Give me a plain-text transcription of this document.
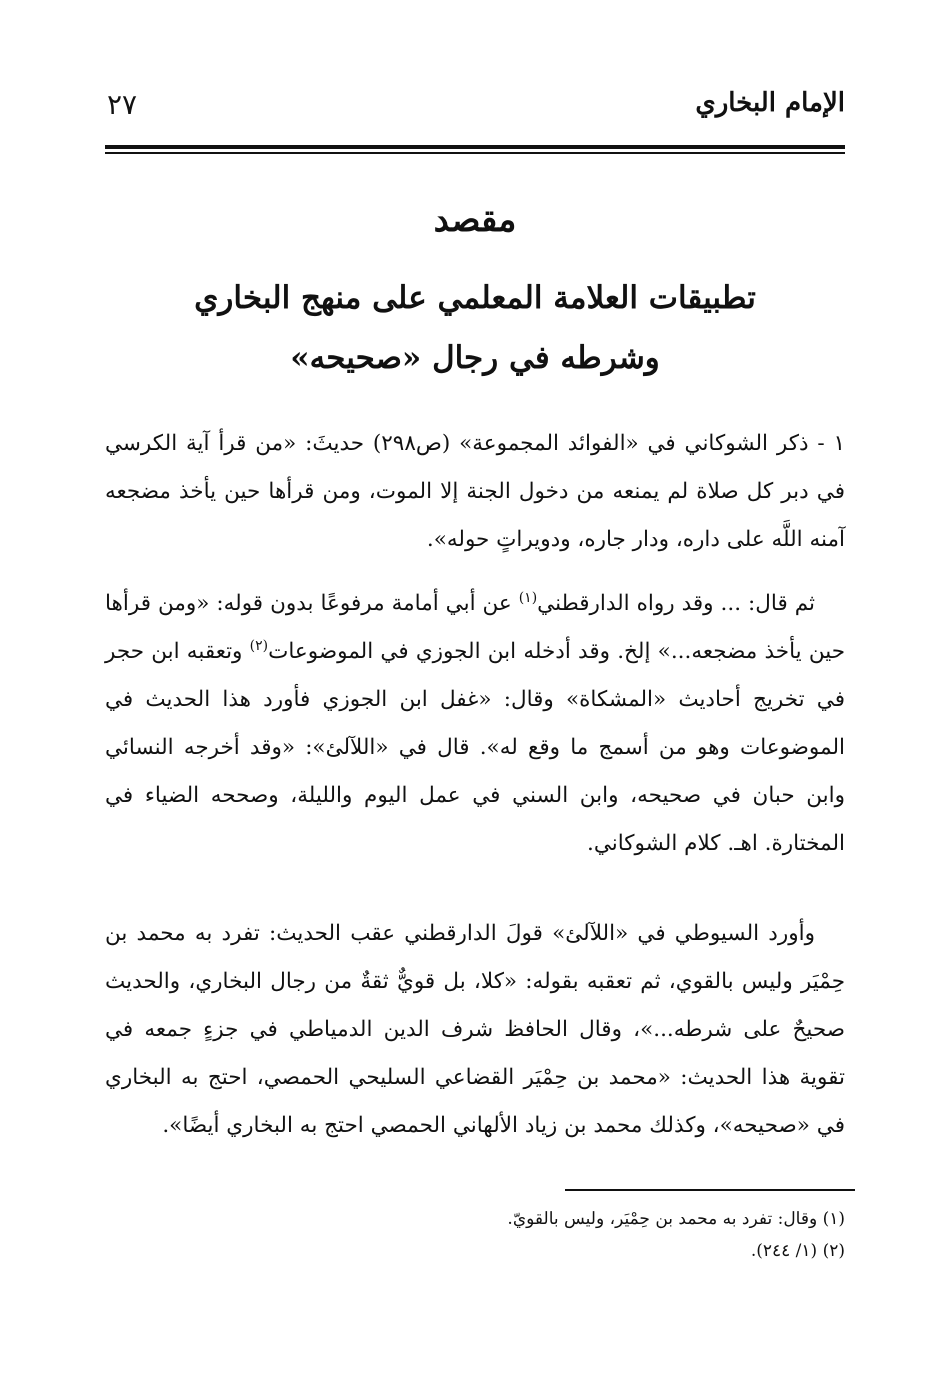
الإمام البخاري
٢٧
مقصد
تطبيقات العلامة المعلمي على منهج البخاري
وشرطه في رجال «صحيحه»
١ - ذكر الشوكاني في «الفوائد المجموعة» (ص٢٩٨) حديثَ: «من قرأ آية الكرسي في دبر كل صلاة لم يمنعه من دخول الجنة إلا الموت، ومن قرأها حين يأخذ مضجعه آمنه اللَّه على داره، ودار جاره، ودويراتٍ حوله».
ثم قال: ... وقد رواه الدارقطني$^{(١)}$ عن أبي أمامة مرفوعًا بدون قوله: «ومن قرأها حين يأخذ مضجعه...» إلخ. وقد أدخله ابن الجوزي في الموضوعات$^{(٢)}$ وتعقبه ابن حجر في تخريج أحاديث «المشكاة» وقال: «غفل ابن الجوزي فأورد هذا الحديث في الموضوعات وهو من أسمج ما وقع له». قال في «اللآلئ»: «وقد أخرجه النسائي وابن حبان في صحيحه، وابن السني في عمل اليوم والليلة، وصححه الضياء في المختارة. اهـ. كلام الشوكاني.
وأورد السيوطي في «اللآلئ» قولَ الدارقطني عقب الحديث: تفرد به محمد بن حِمْيَر وليس بالقوي، ثم تعقبه بقوله: «كلا، بل قويٌّ ثقةٌ من رجال البخاري، والحديث صحيحٌ على شرطه...»، وقال الحافظ شرف الدين الدمياطي في جزءٍ جمعه في تقوية هذا الحديث: «محمد بن حِمْيَر القضاعي السليحي الحمصي، احتج به البخاري في «صحيحه»، وكذلك محمد بن زياد الألهاني الحمصي احتج به البخاري أيضًا».
(١) وقال: تفرد به محمد بن حِمْيَر، وليس بالقويّ.
(٢) (١/ ٢٤٤).
